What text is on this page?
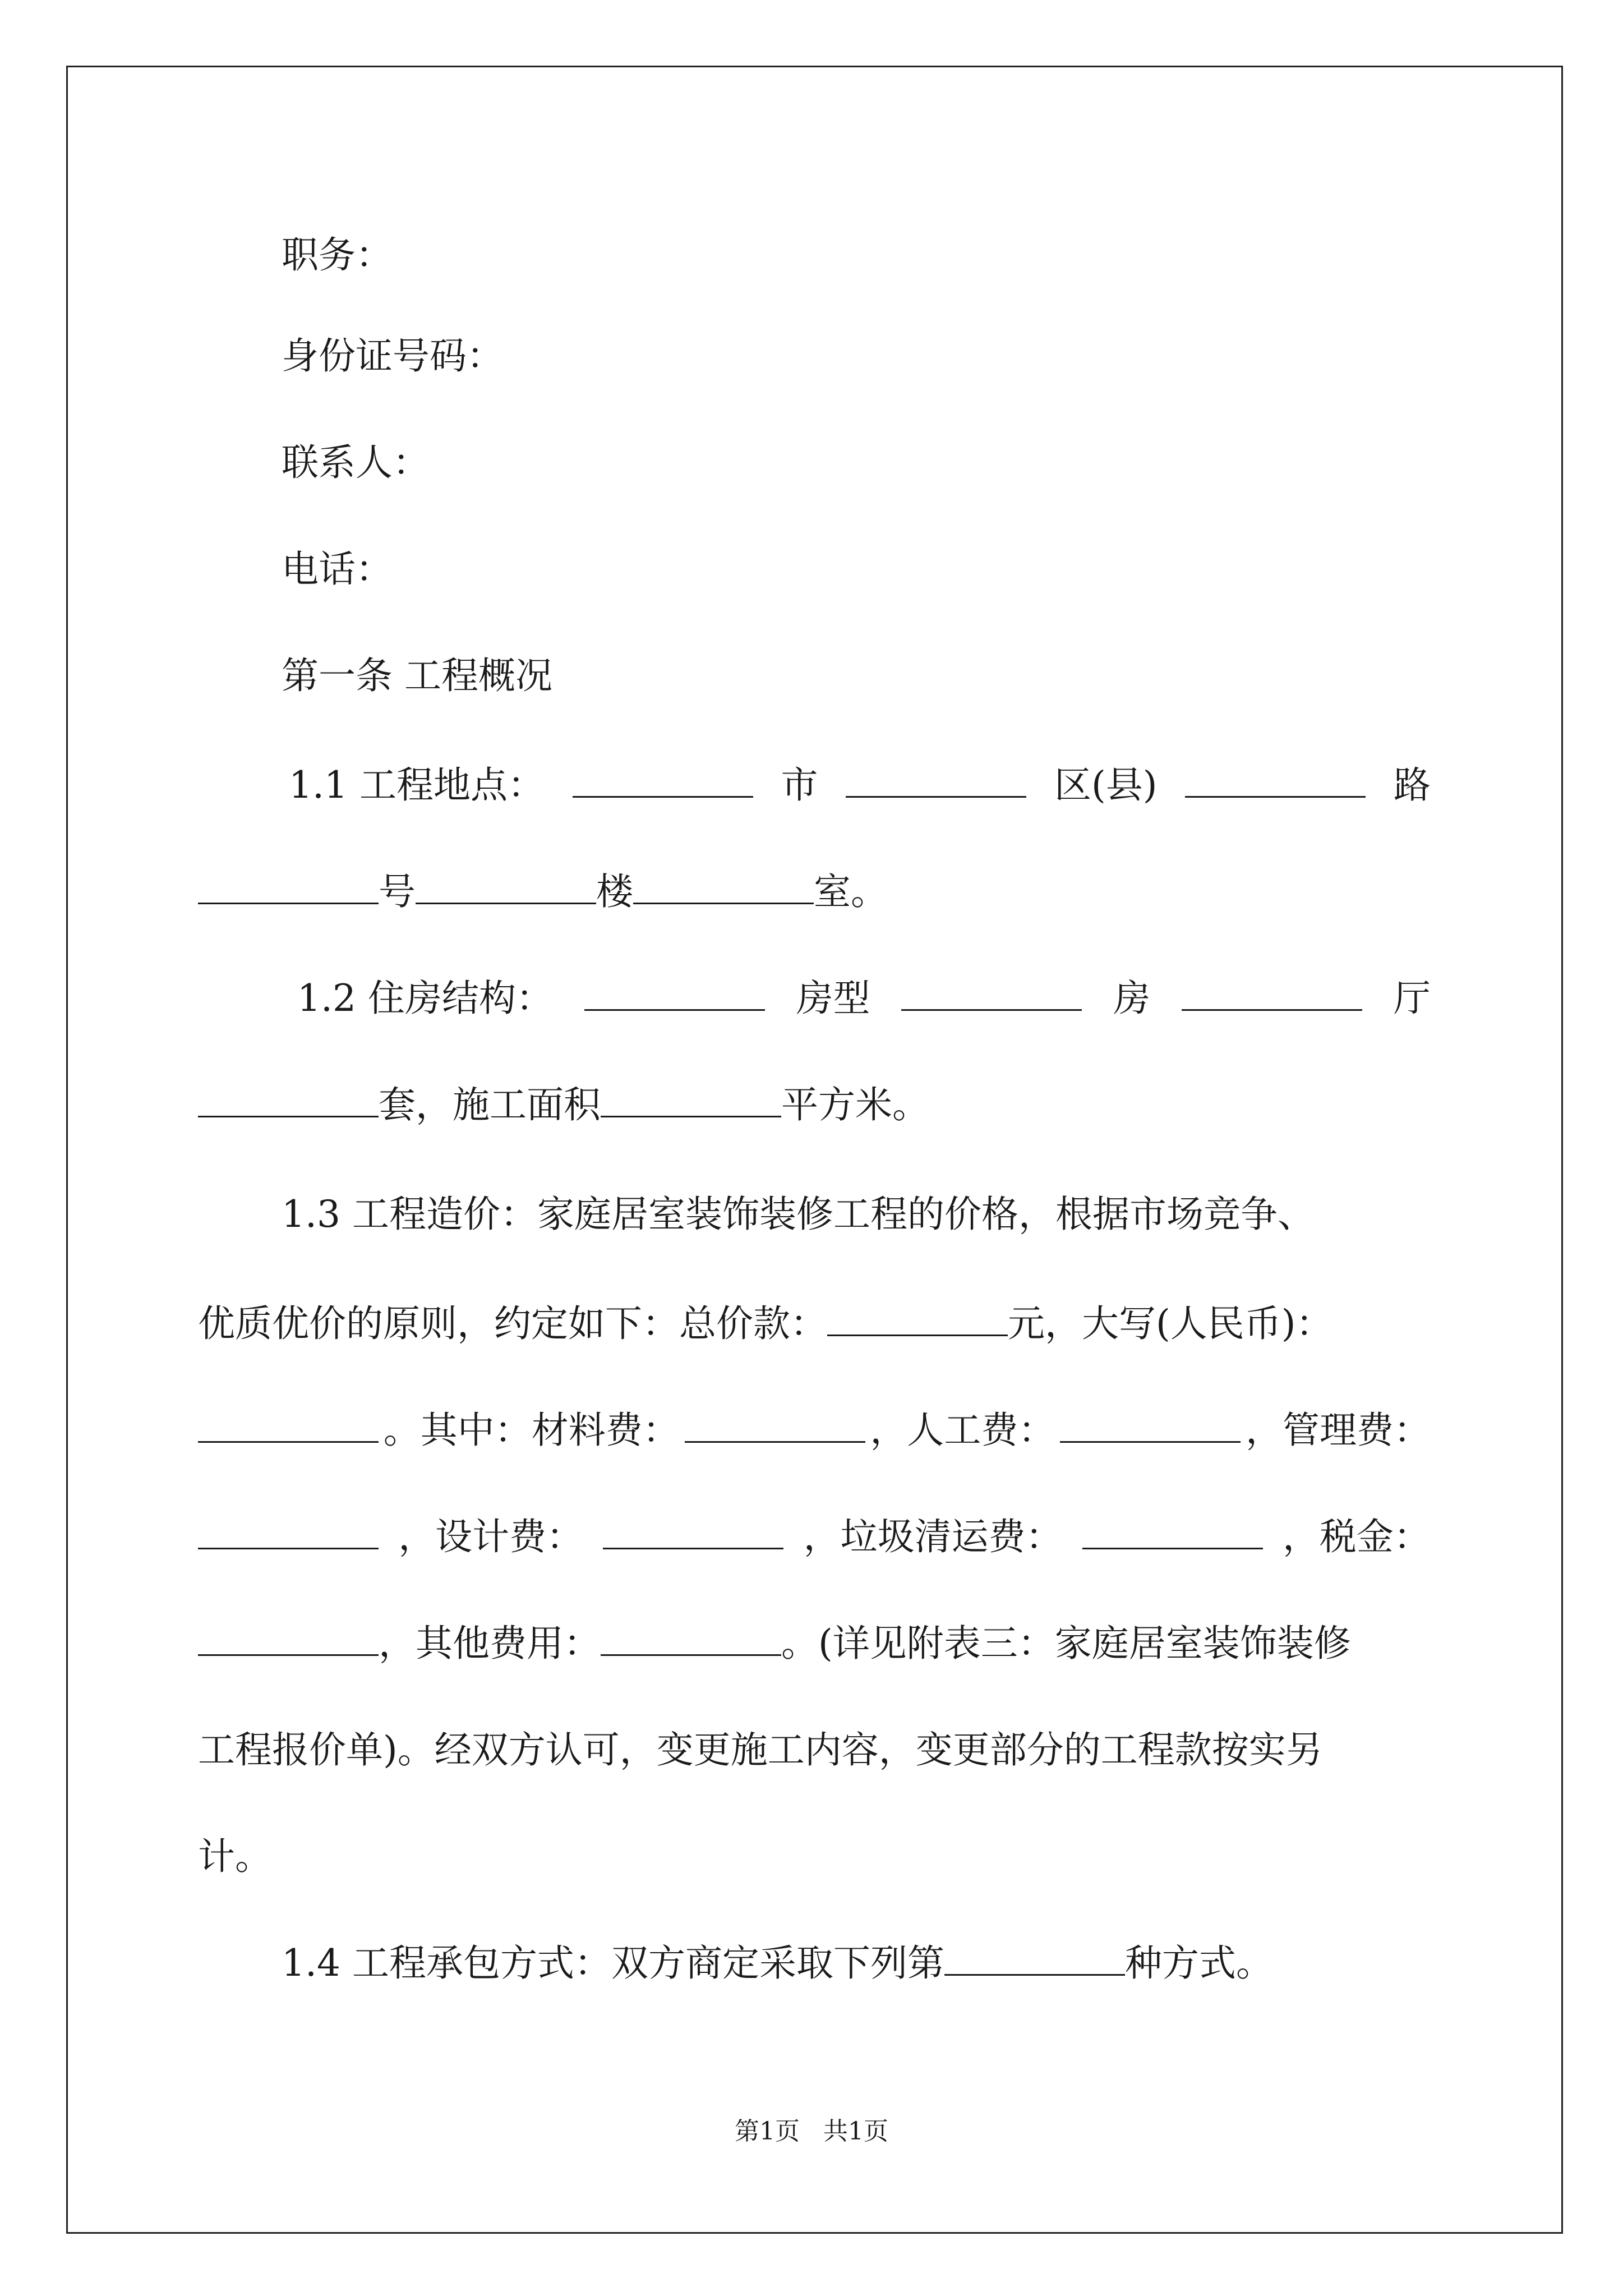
职务：
身份证号码：
联系人：
电话：
第一条 工程概况
1.1 工程地点：	市	区(县)	路
号	楼	室。
1.2 住房结构：	房型	房	厅
套，施工面积	平方米。
1.3 工程造价：家庭居室装饰装修工程的价格，根据市场竞争、
优质优价的原则，约定如下：总价款：	元，大写(人民币)：
。其中：材料费：	，人工费：	，管理费：
，设计费：	，垃圾清运费：	，税金：
，其他费用：	。(详见附表三：家庭居室装饰装修
工程报价单)。经双方认可，变更施工内容，变更部分的工程款按实另
计。
1.4 工程承包方式：双方商定采取下列第	种方式。
第1页   共1页
